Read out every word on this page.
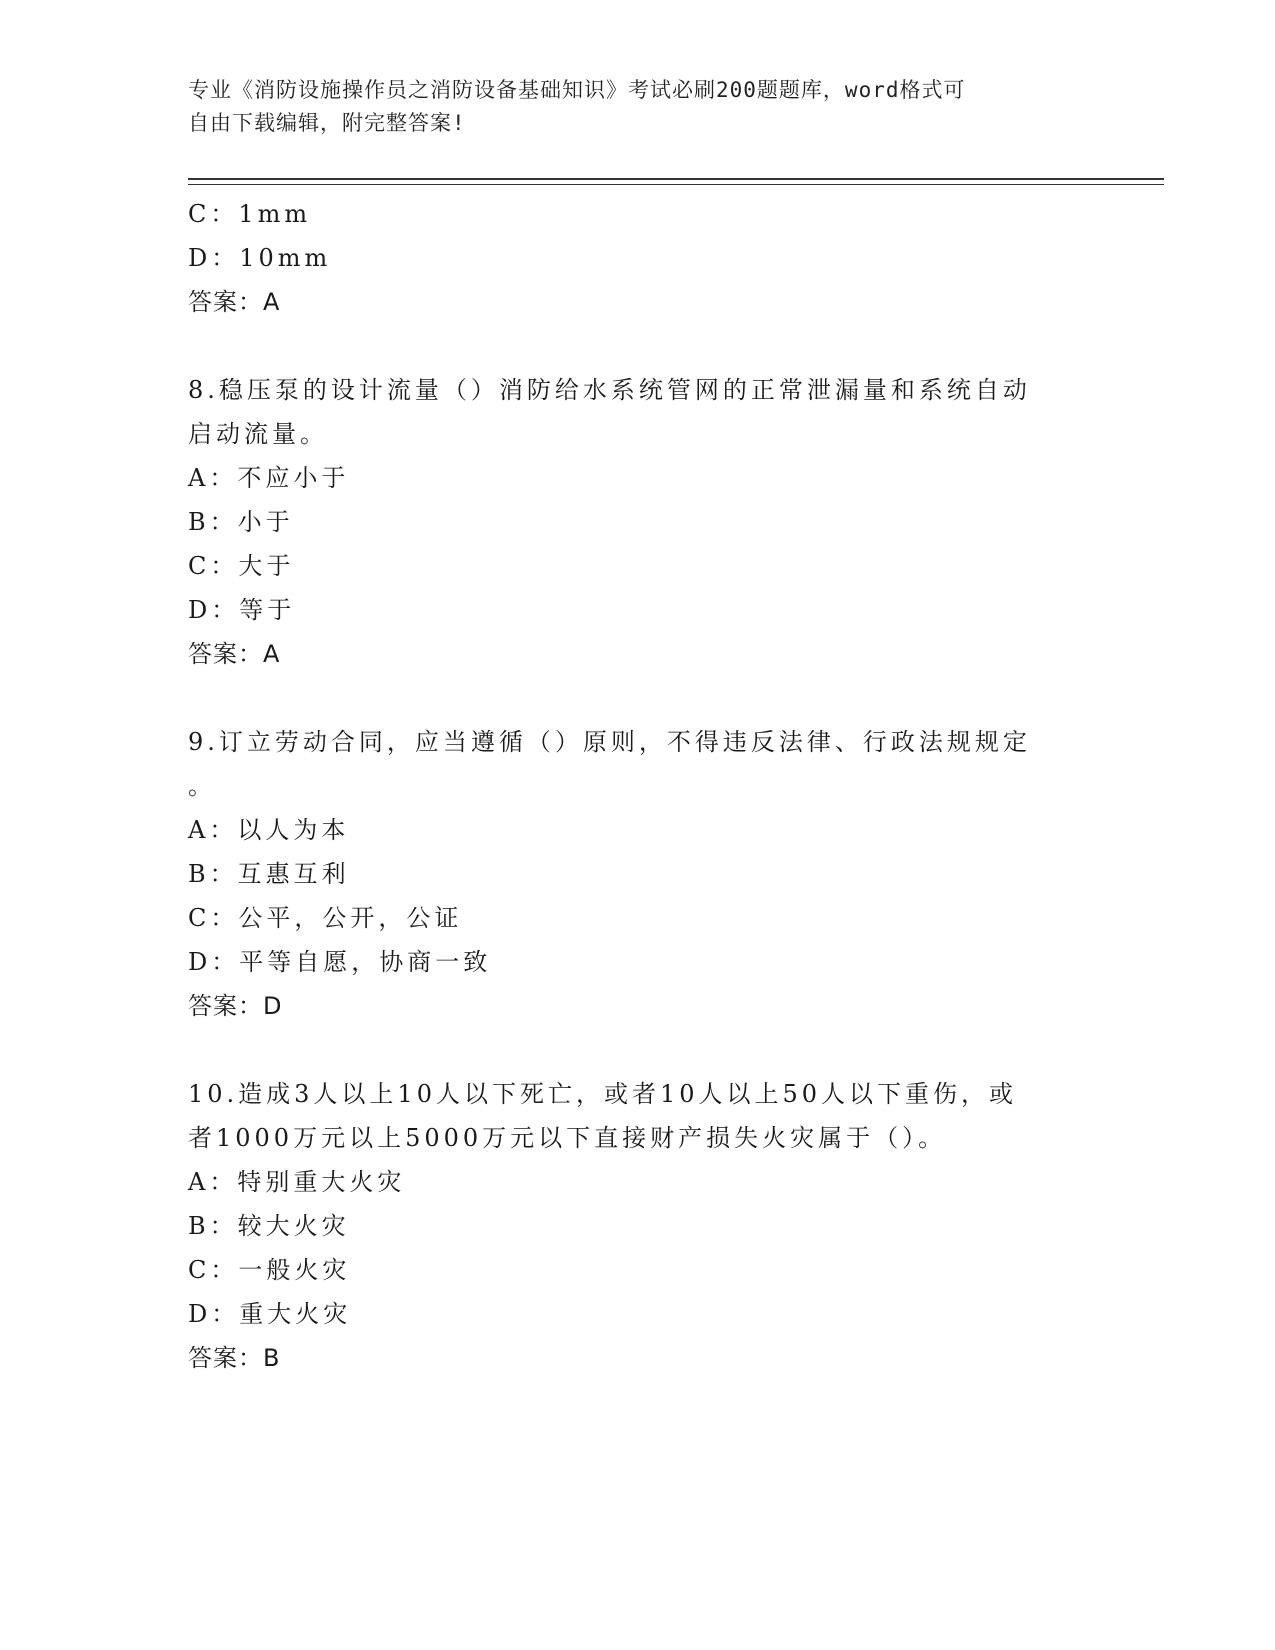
专业《消防设施操作员之消防设备基础知识》考试必刷200题题库，word格式可
自由下载编辑，附完整答案!
C：1mm
D：10mm
答案：A
8.稳压泵的设计流量（）消防给水系统管网的正常泄漏量和系统自动
启动流量。
A：不应小于
B：小于
C：大于
D：等于
答案：A
9.订立劳动合同，应当遵循（）原则，不得违反法律、行政法规规定
。
A：以人为本
B：互惠互利
C：公平，公开，公证
D：平等自愿，协商一致
答案：D
10.造成3人以上10人以下死亡，或者10人以上50人以下重伤，或
者1000万元以上5000万元以下直接财产损失火灾属于（）。
A：特别重大火灾
B：较大火灾
C：一般火灾
D：重大火灾
答案：B
